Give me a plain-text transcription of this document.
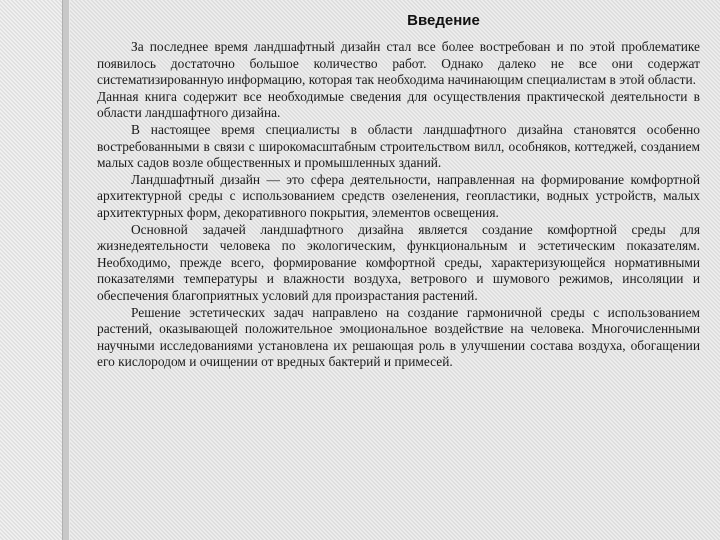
Введение

За последнее время ландшафтный дизайн стал все более востребован и по этой проблематике появилось достаточно большое количество работ. Однако далеко не все они содержат систематизированную информацию, которая так необходима начинающим специалистам в этой области.

Данная книга содержит все необходимые сведения для осуществления практической деятельности в области ландшафтного дизайна.

В настоящее время специалисты в области ландшафтного дизайна становятся особенно востребованными в связи с широкомасштабным строительством вилл, особняков, коттеджей, созданием малых садов возле общественных и промышленных зданий.

Ландшафтный дизайн — это сфера деятельности, направленная на формирование комфортной архитектурной среды с использованием средств озеленения, геопластики, водных устройств, малых архитектурных форм, декоративного покрытия, элементов освещения.

Основной задачей ландшафтного дизайна является создание комфортной среды для жизнедеятельности человека по экологическим, функциональным и эстетическим показателям. Необходимо, прежде всего, формирование комфортной среды, характеризующейся нормативными показателями температуры и влажности воздуха, ветрового и шумового режимов, инсоляции и обеспечения благоприятных условий для произрастания растений.

Решение эстетических задач направлено на создание гармоничной среды с использованием растений, оказывающей положительное эмоциональное воздействие на человека. Многочисленными научными исследованиями установлена их решающая роль в улучшении состава воздуха, обогащении его кислородом и очищении от вредных бактерий и примесей.
